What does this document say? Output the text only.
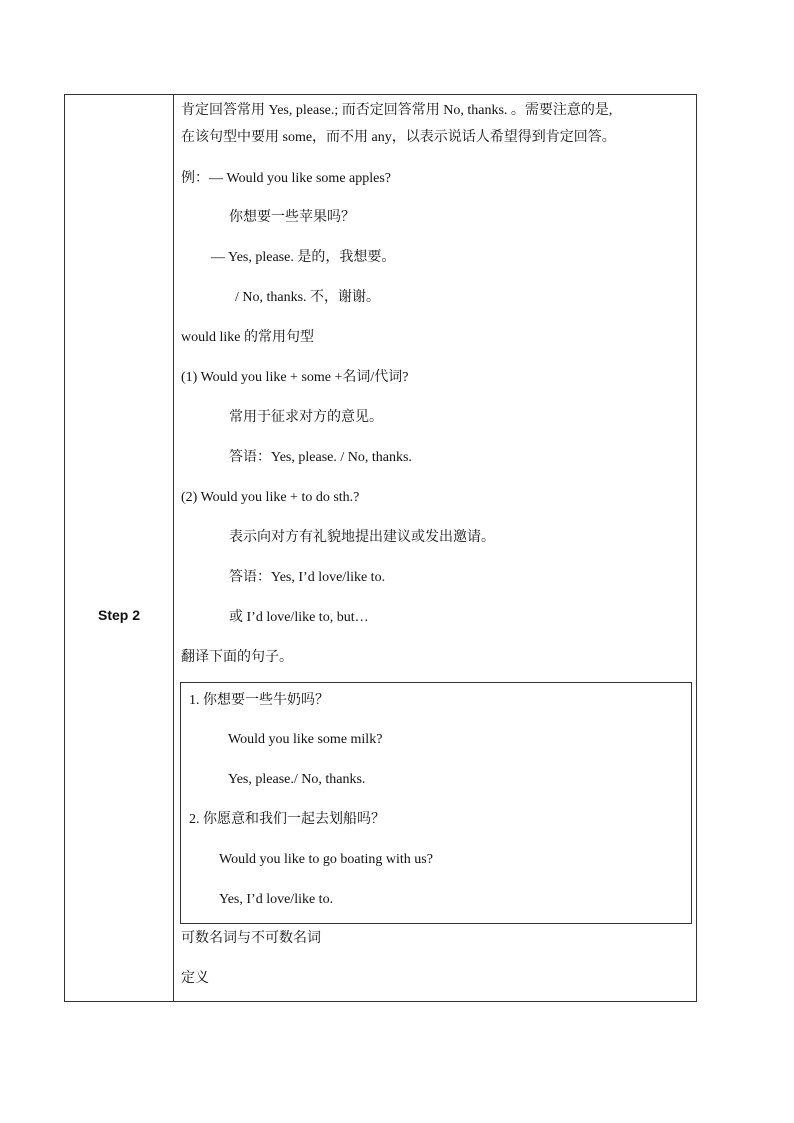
Step 2
肯定回答常用 Yes, please.; 而否定回答常用 No, thanks. 。需要注意的是,
在该句型中要用 some，而不用 any，以表示说话人希望得到肯定回答。
例：— Would you like some apples?
你想要一些苹果吗？
— Yes, please. 是的，我想要。
/ No, thanks. 不，谢谢。
would like 的常用句型
(1) Would you like + some +名词/代词?
常用于征求对方的意见。
答语：Yes, please. / No, thanks.
(2) Would you like + to do sth.?
表示向对方有礼貌地提出建议或发出邀请。
答语：Yes, I’d love/like to.
或 I’d love/like to, but…
翻译下面的句子。
可数名词与不可数名词
定义
1. 你想要一些牛奶吗？
Would you like some milk?
Yes, please./ No, thanks.
2. 你愿意和我们一起去划船吗？
Would you like to go boating with us?
Yes, I’d love/like to.
